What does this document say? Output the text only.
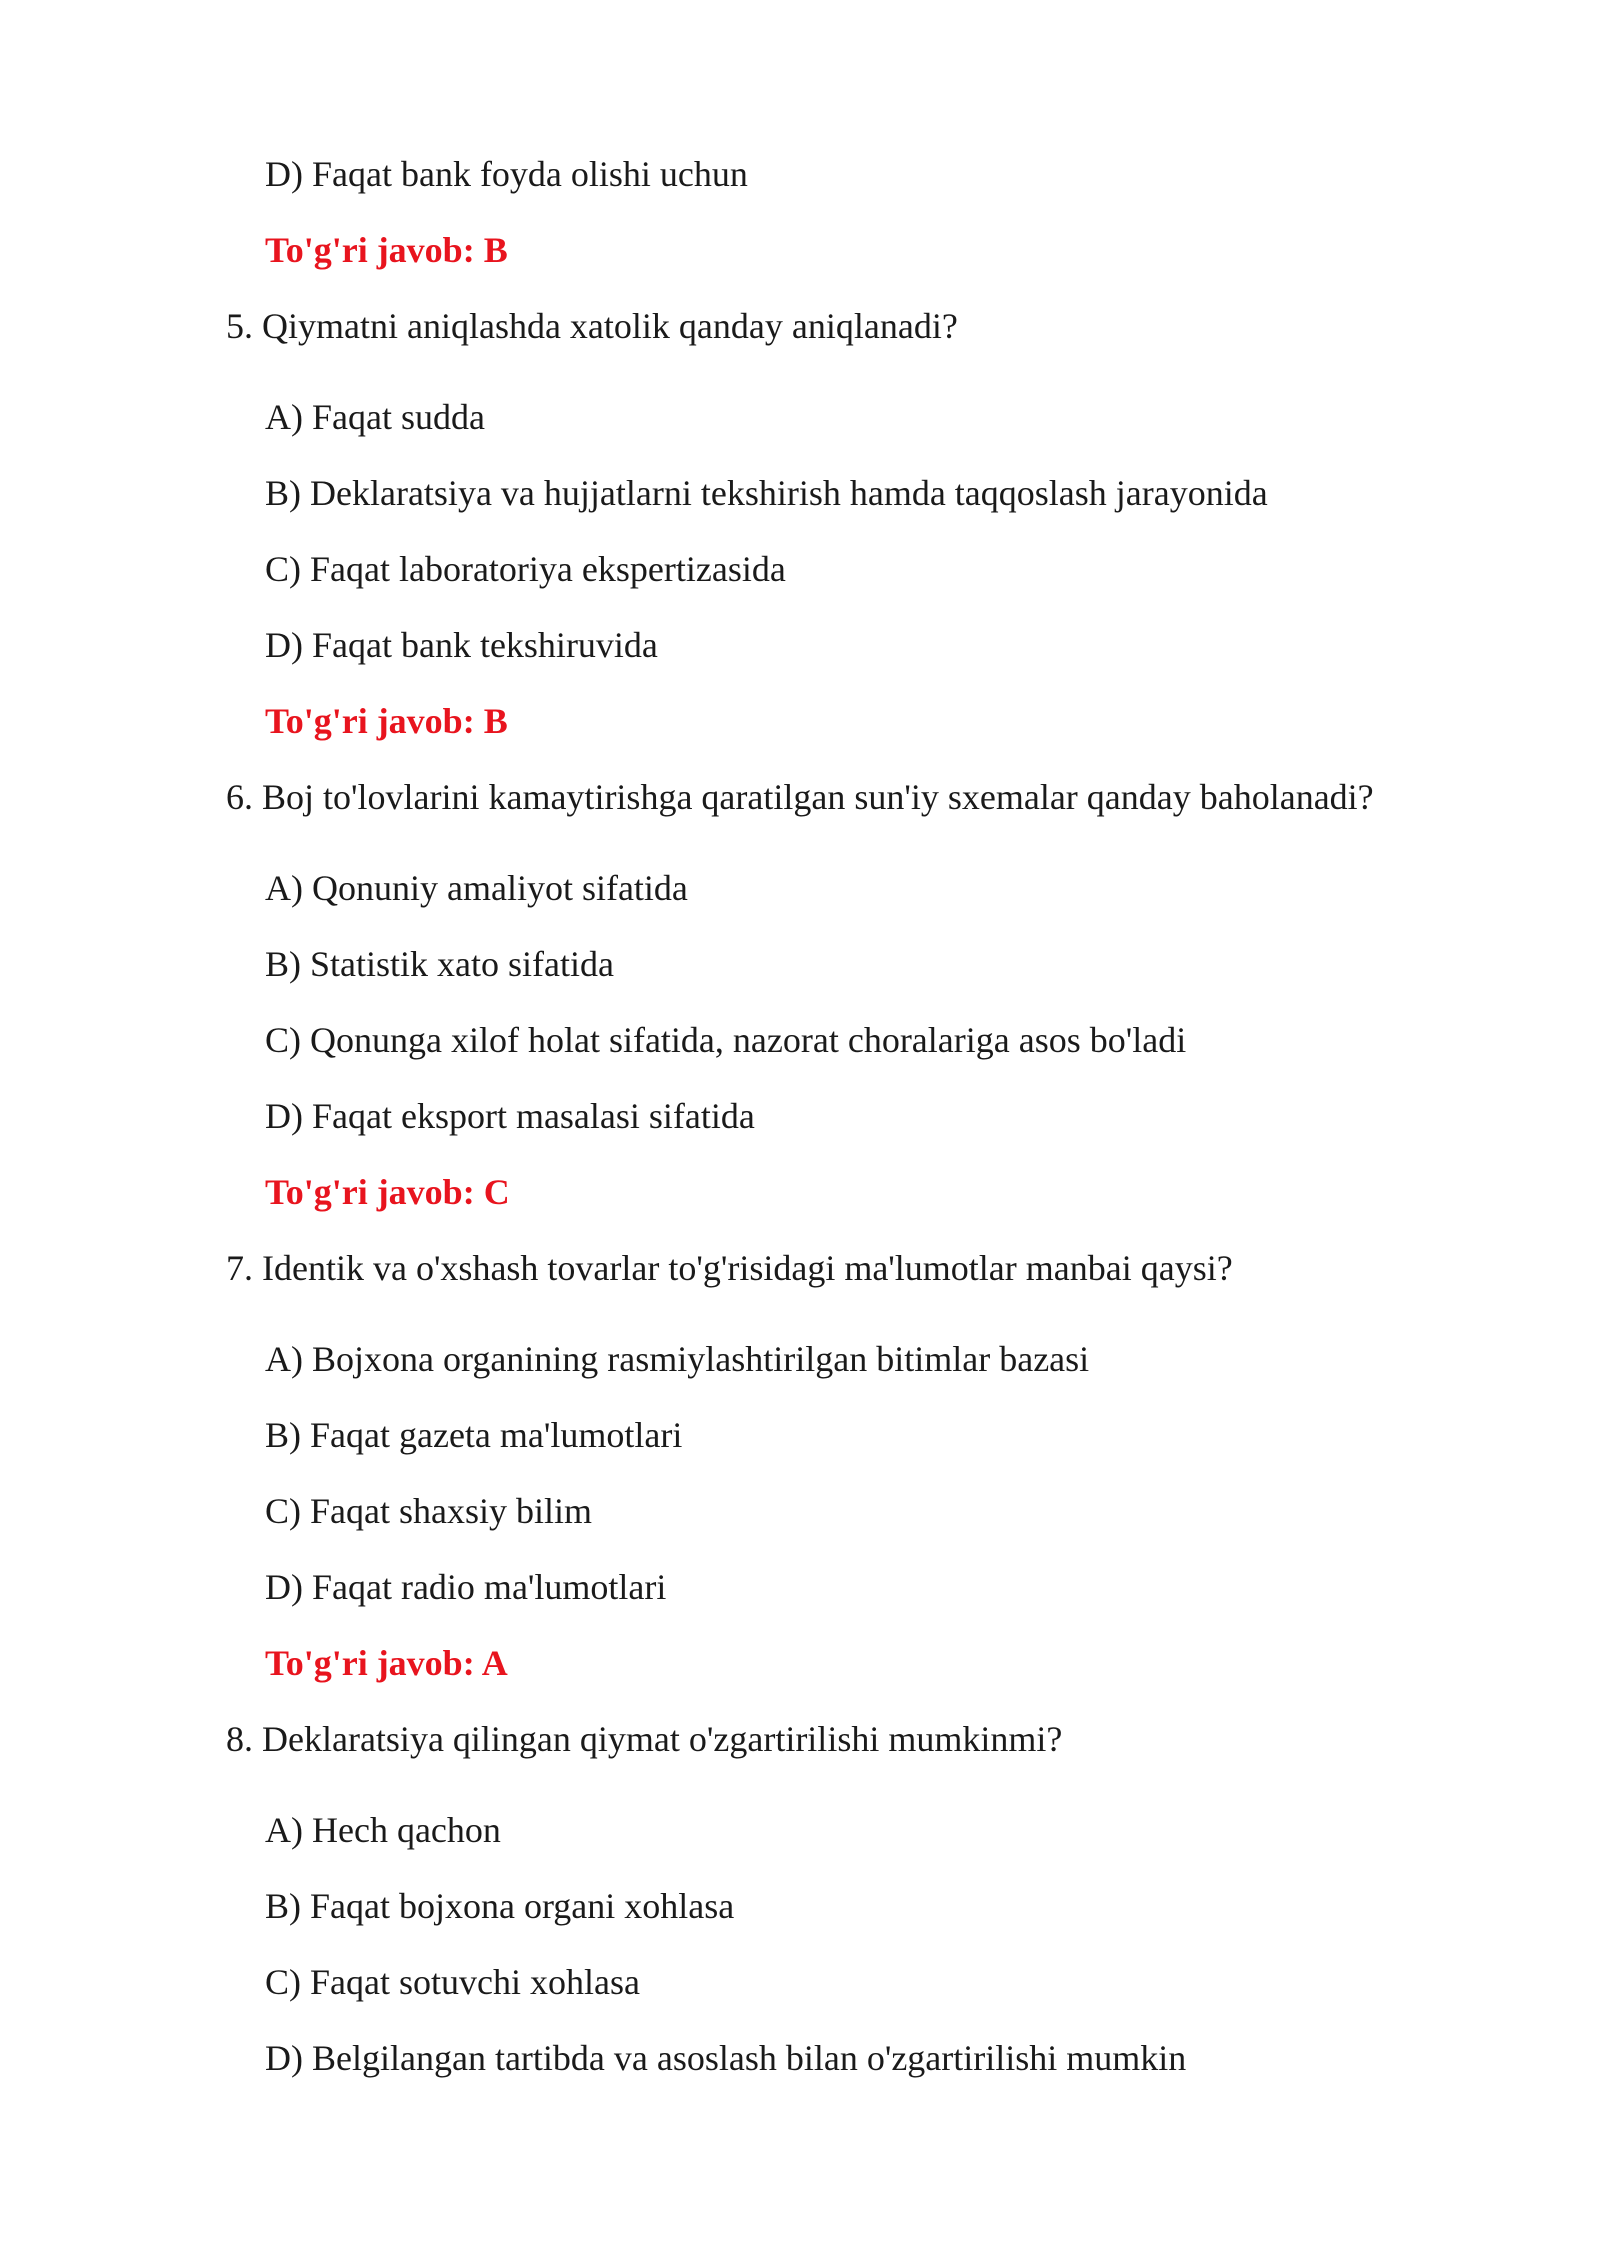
D) Faqat bank foyda olishi uchun
To'g'ri javob: B
5. Qiymatni aniqlashda xatolik qanday aniqlanadi?
A) Faqat sudda
B) Deklaratsiya va hujjatlarni tekshirish hamda taqqoslash jarayonida
C) Faqat laboratoriya ekspertizasida
D) Faqat bank tekshiruvida
To'g'ri javob: B
6. Boj to'lovlarini kamaytirishga qaratilgan sun'iy sxemalar qanday baholanadi?
A) Qonuniy amaliyot sifatida
B) Statistik xato sifatida
C) Qonunga xilof holat sifatida, nazorat choralariga asos bo'ladi
D) Faqat eksport masalasi sifatida
To'g'ri javob: C
7. Identik va o'xshash tovarlar to'g'risidagi ma'lumotlar manbai qaysi?
A) Bojxona organining rasmiylashtirilgan bitimlar bazasi
B) Faqat gazeta ma'lumotlari
C) Faqat shaxsiy bilim
D) Faqat radio ma'lumotlari
To'g'ri javob: A
8. Deklaratsiya qilingan qiymat o'zgartirilishi mumkinmi?
A) Hech qachon
B) Faqat bojxona organi xohlasa
C) Faqat sotuvchi xohlasa
D) Belgilangan tartibda va asoslash bilan o'zgartirilishi mumkin
